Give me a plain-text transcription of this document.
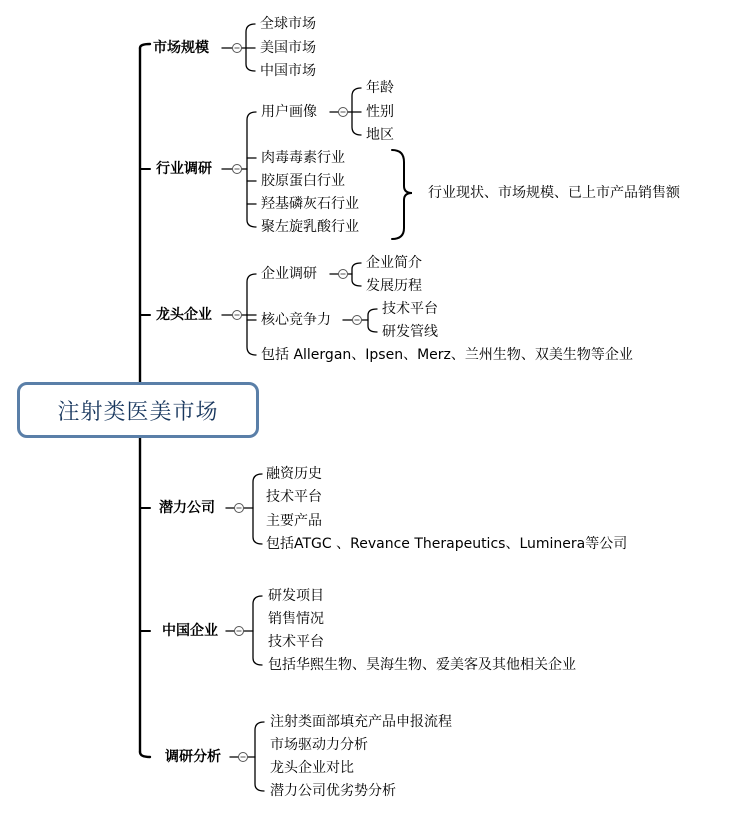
注射类医美市场
市场规模
全球市场
美国市场
中国市场
行业调研
用户画像
年龄
性别
地区
肉毒毒素行业
胶原蛋白行业
羟基磷灰石行业
聚左旋乳酸行业
行业现状、市场规模、已上市产品销售额
龙头企业
企业调研
企业简介
发展历程
核心竞争力
技术平台
研发管线
包括 Allergan、Ipsen、Merz、兰州生物、双美生物等企业
潜力公司
融资历史
技术平台
主要产品
包括ATGC 、Revance Therapeutics、Luminera等公司
中国企业
研发项目
销售情况
技术平台
包括华熙生物、昊海生物、爱美客及其他相关企业
调研分析
注射类面部填充产品申报流程
市场驱动力分析
龙头企业对比
潜力公司优劣势分析
